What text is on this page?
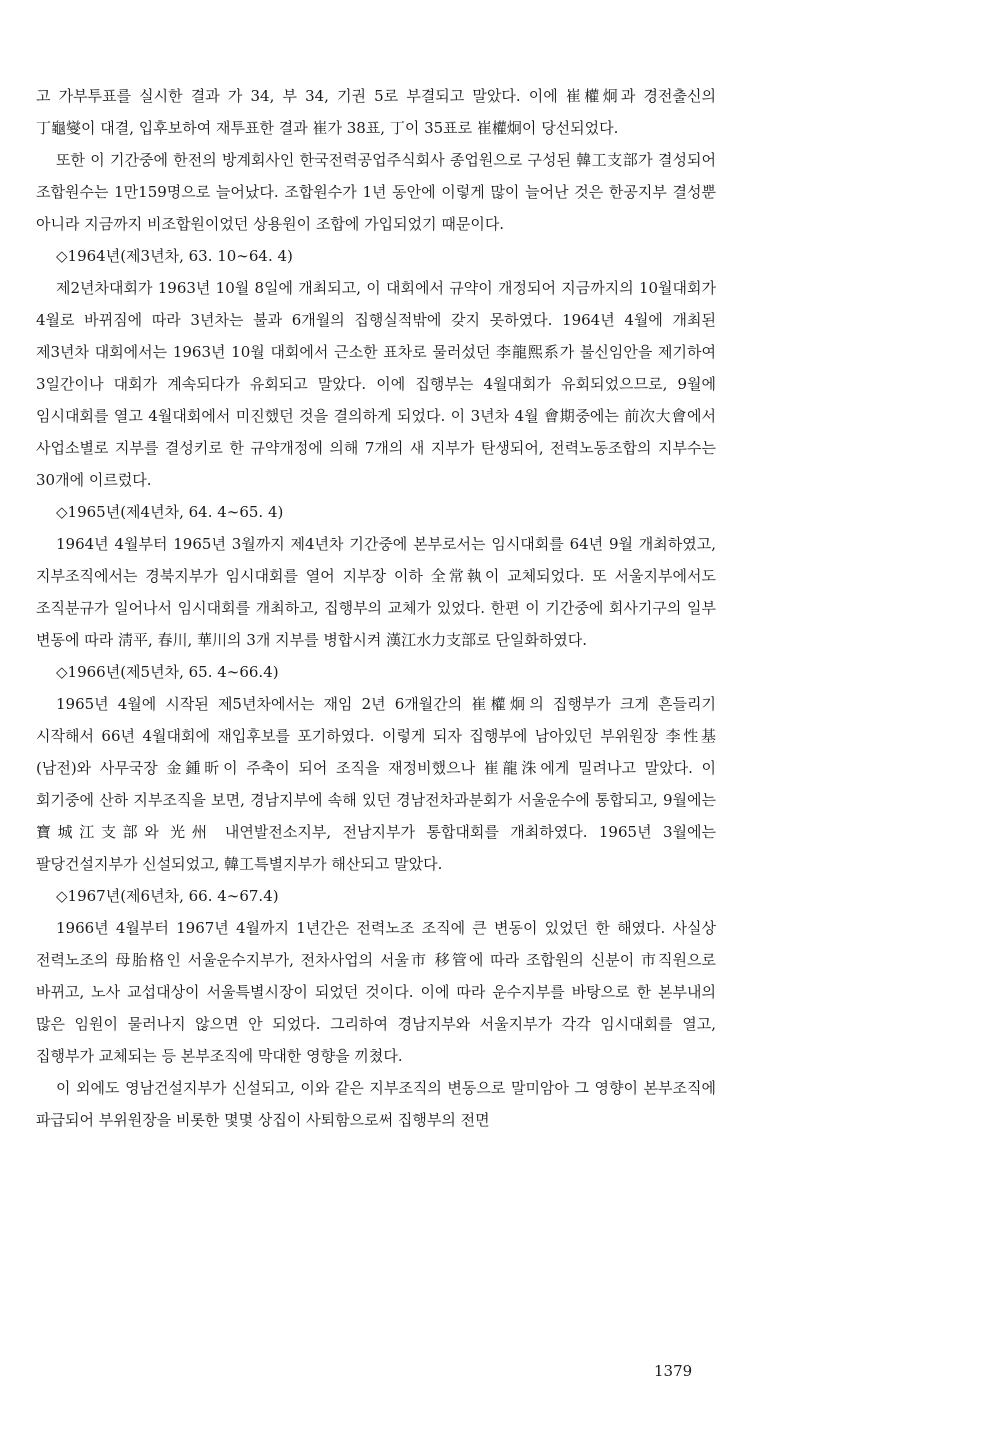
고 가부투표를 실시한 결과 가 34, 부 34, 기권 5로 부결되고 말았다. 이에 崔權炯과 경전출신의 丁龜燮이 대결, 입후보하여 재투표한 결과 崔가 38표, 丁이 35표로 崔權炯이 당선되었다.

또한 이 기간중에 한전의 방계회사인 한국전력공업주식회사 종업원으로 구성된 韓工支部가 결성되어 조합원수는 1만159명으로 늘어났다. 조합원수가 1년 동안에 이렇게 많이 늘어난 것은 한공지부 결성뿐 아니라 지금까지 비조합원이었던 상용원이 조합에 가입되었기 때문이다.

◇1964년(제3년차, 63. 10∼64. 4)

제2년차대회가 1963년 10월 8일에 개최되고, 이 대회에서 규약이 개정되어 지금까지의 10월대회가 4월로 바뀌짐에 따라 3년차는 불과 6개월의 집행실적밖에 갖지 못하였다. 1964년 4월에 개최된 제3년차 대회에서는 1963년 10월 대회에서 근소한 표차로 물러섰던 李龍熙系가 불신임안을 제기하여 3일간이나 대회가 계속되다가 유회되고 말았다. 이에 집행부는 4월대회가 유회되었으므로, 9월에 임시대회를 열고 4월대회에서 미진했던 것을 결의하게 되었다. 이 3년차 4월 會期중에는 前次大會에서 사업소별로 지부를 결성키로 한 규약개정에 의해 7개의 새 지부가 탄생되어, 전력노동조합의 지부수는 30개에 이르렀다.

◇1965년(제4년차, 64. 4∼65. 4)

1964년 4월부터 1965년 3월까지 제4년차 기간중에 본부로서는 임시대회를 64년 9월 개최하였고, 지부조직에서는 경북지부가 임시대회를 열어 지부장 이하 全常執이 교체되었다. 또 서울지부에서도 조직분규가 일어나서 임시대회를 개최하고, 집행부의 교체가 있었다. 한편 이 기간중에 회사기구의 일부 변동에 따라 淸平, 春川, 華川의 3개 지부를 병합시켜 漢江水力支部로 단일화하였다.

◇1966년(제5년차, 65. 4∼66.4)

1965년 4월에 시작된 제5년차에서는 재임 2년 6개월간의 崔權炯의 집행부가 크게 흔들리기 시작해서 66년 4월대회에 재입후보를 포기하였다. 이렇게 되자 집행부에 남아있던 부위원장 李性基(남전)와 사무국장 金鍾昕이 주축이 되어 조직을 재정비했으나 崔龍洙에게 밀려나고 말았다. 이 회기중에 산하 지부조직을 보면, 경남지부에 속해 있던 경남전차과분회가 서울운수에 통합되고, 9월에는 寶城江支部와 光州 내연발전소지부, 전남지부가 통합대회를 개최하였다. 1965년 3월에는 팔당건설지부가 신설되었고, 韓工특별지부가 해산되고 말았다.

◇1967년(제6년차, 66. 4∼67.4)

1966년 4월부터 1967년 4월까지 1년간은 전력노조 조직에 큰 변동이 있었던 한 해였다. 사실상 전력노조의 母胎格인 서울운수지부가, 전차사업의 서울市 移管에 따라 조합원의 신분이 市직원으로 바뀌고, 노사 교섭대상이 서울특별시장이 되었던 것이다. 이에 따라 운수지부를 바탕으로 한 본부내의 많은 임원이 물러나지 않으면 안 되었다. 그리하여 경남지부와 서울지부가 각각 임시대회를 열고, 집행부가 교체되는 등 본부조직에 막대한 영향을 끼쳤다.

이 외에도 영남건설지부가 신설되고, 이와 같은 지부조직의 변동으로 말미암아 그 영향이 본부조직에 파급되어 부위원장을 비롯한 몇몇 상집이 사퇴함으로써 집행부의 전면

1379
